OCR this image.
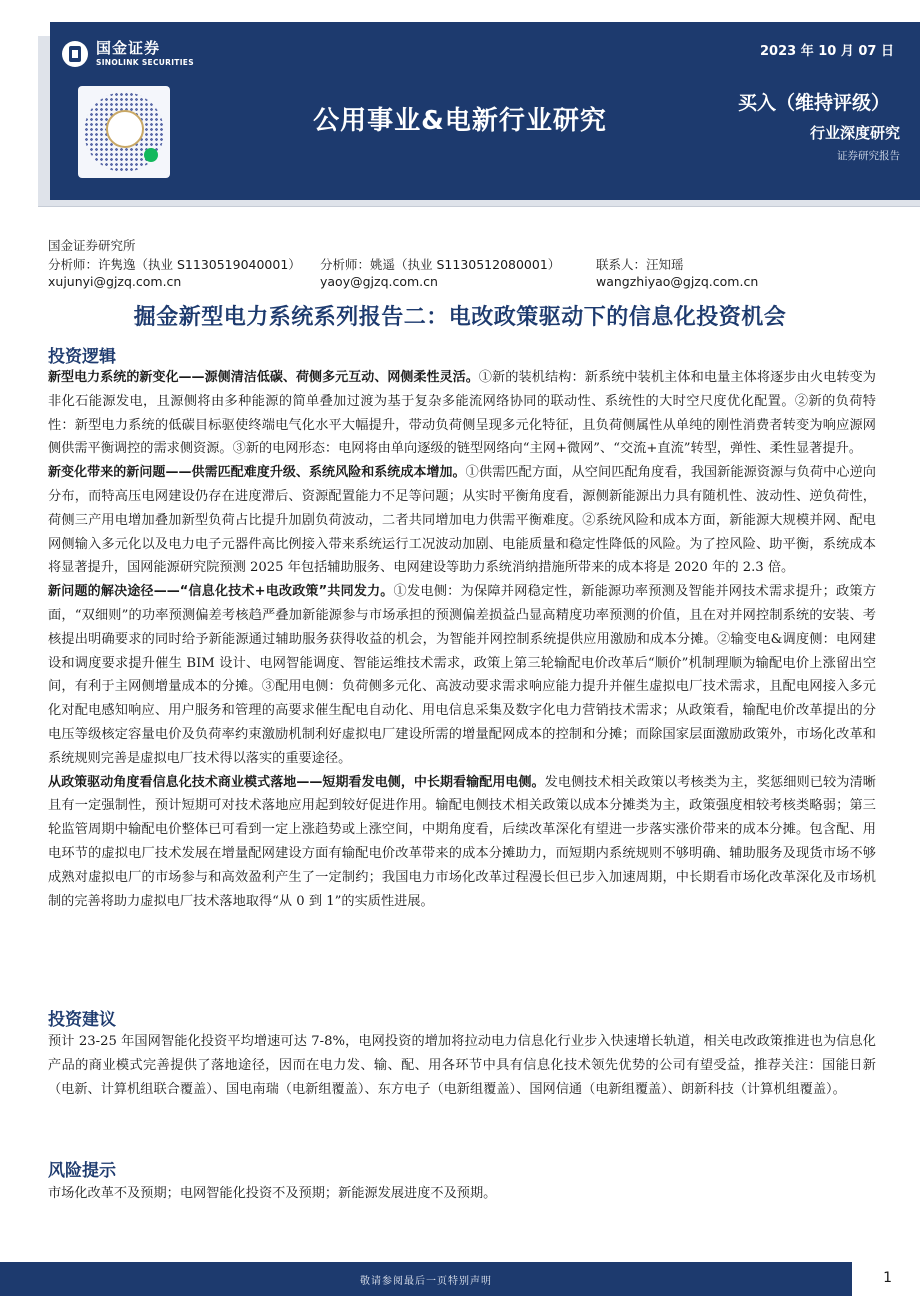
国金证券
SINOLINK SECURITIES
2023 年 10 月 07 日
公用事业&电新行业研究
买入（维持评级）
行业深度研究
证券研究报告
国金证券研究所
分析师：许隽逸（执业 S1130519040001） 分析师：姚遥（执业 S1130512080001）	联系人：汪知瑶
xujunyi@gjzq.com.cn	yaoy@gjzq.com.cn	wangzhiyao@gjzq.com.cn
掘金新型电力系统系列报告二：电改政策驱动下的信息化投资机会
投资逻辑

新型电力系统的新变化——源侧清洁低碳、荷侧多元互动、网侧柔性灵活。①新的装机结构：新系统中装机主体和电量主体将逐步由火电转变为非化石能源发电，且源侧将由多种能源的简单叠加过渡为基于复杂多能流网络协同的联动性、系统性的大时空尺度优化配置。②新的负荷特性：新型电力系统的低碳目标驱使终端电气化水平大幅提升，带动负荷侧呈现多元化特征，且负荷侧属性从单纯的刚性消费者转变为响应源网侧供需平衡调控的需求侧资源。③新的电网形态：电网将由单向逐级的链型网络向“主网+微网”、“交流+直流”转型，弹性、柔性显著提升。

新变化带来的新问题——供需匹配难度升级、系统风险和系统成本增加。①供需匹配方面，从空间匹配角度看，我国新能源资源与负荷中心逆向分布，而特高压电网建设仍存在进度滞后、资源配置能力不足等问题；从实时平衡角度看，源侧新能源出力具有随机性、波动性、逆负荷性，荷侧三产用电增加叠加新型负荷占比提升加剧负荷波动，二者共同增加电力供需平衡难度。②系统风险和成本方面，新能源大规模并网、配电网侧输入多元化以及电力电子元器件高比例接入带来系统运行工况波动加剧、电能质量和稳定性降低的风险。为了控风险、助平衡，系统成本将显著提升，国网能源研究院预测 2025 年包括辅助服务、电网建设等助力系统消纳措施所带来的成本将是 2020 年的 2.3 倍。

新问题的解决途径——“信息化技术+电改政策”共同发力。①发电侧：为保障并网稳定性，新能源功率预测及智能并网技术需求提升；政策方面，“双细则”的功率预测偏差考核趋严叠加新能源参与市场承担的预测偏差损益凸显高精度功率预测的价值，且在对并网控制系统的安装、考核提出明确要求的同时给予新能源通过辅助服务获得收益的机会，为智能并网控制系统提供应用激励和成本分摊。②输变电&调度侧：电网建设和调度要求提升催生 BIM 设计、电网智能调度、智能运维技术需求，政策上第三轮输配电价改革后“顺价”机制理顺为输配电价上涨留出空间，有利于主网侧增量成本的分摊。③配用电侧：负荷侧多元化、高波动要求需求响应能力提升并催生虚拟电厂技术需求，且配电网接入多元化对配电感知响应、用户服务和管理的高要求催生配电自动化、用电信息采集及数字化电力营销技术需求；从政策看，输配电价改革提出的分电压等级核定容量电价及负荷率约束激励机制利好虚拟电厂建设所需的增量配网成本的控制和分摊；而除国家层面激励政策外，市场化改革和系统规则完善是虚拟电厂技术得以落实的重要途径。

从政策驱动角度看信息化技术商业模式落地——短期看发电侧，中长期看输配用电侧。发电侧技术相关政策以考核类为主，奖惩细则已较为清晰且有一定强制性，预计短期可对技术落地应用起到较好促进作用。输配电侧技术相关政策以成本分摊类为主，政策强度相较考核类略弱；第三轮监管周期中输配电价整体已可看到一定上涨趋势或上涨空间，中期角度看，后续改革深化有望进一步落实涨价带来的成本分摊。包含配、用电环节的虚拟电厂技术发展在增量配网建设方面有输配电价改革带来的成本分摊助力，而短期内系统规则不够明确、辅助服务及现货市场不够成熟对虚拟电厂的市场参与和高效盈利产生了一定制约；我国电力市场化改革过程漫长但已步入加速周期，中长期看市场化改革深化及市场机制的完善将助力虚拟电厂技术落地取得“从 0 到 1”的实质性进展。

投资建议

预计 23-25 年国网智能化投资平均增速可达 7-8%，电网投资的增加将拉动电力信息化行业步入快速增长轨道，相关电改政策推进也为信息化产品的商业模式完善提供了落地途径，因而在电力发、输、配、用各环节中具有信息化技术领先优势的公司有望受益，推荐关注：国能日新（电新、计算机组联合覆盖）、国电南瑞（电新组覆盖）、东方电子（电新组覆盖）、国网信通（电新组覆盖）、朗新科技（计算机组覆盖）。

风险提示

市场化改革不及预期；电网智能化投资不及预期；新能源发展进度不及预期。

敬请参阅最后一页特别声明	1
